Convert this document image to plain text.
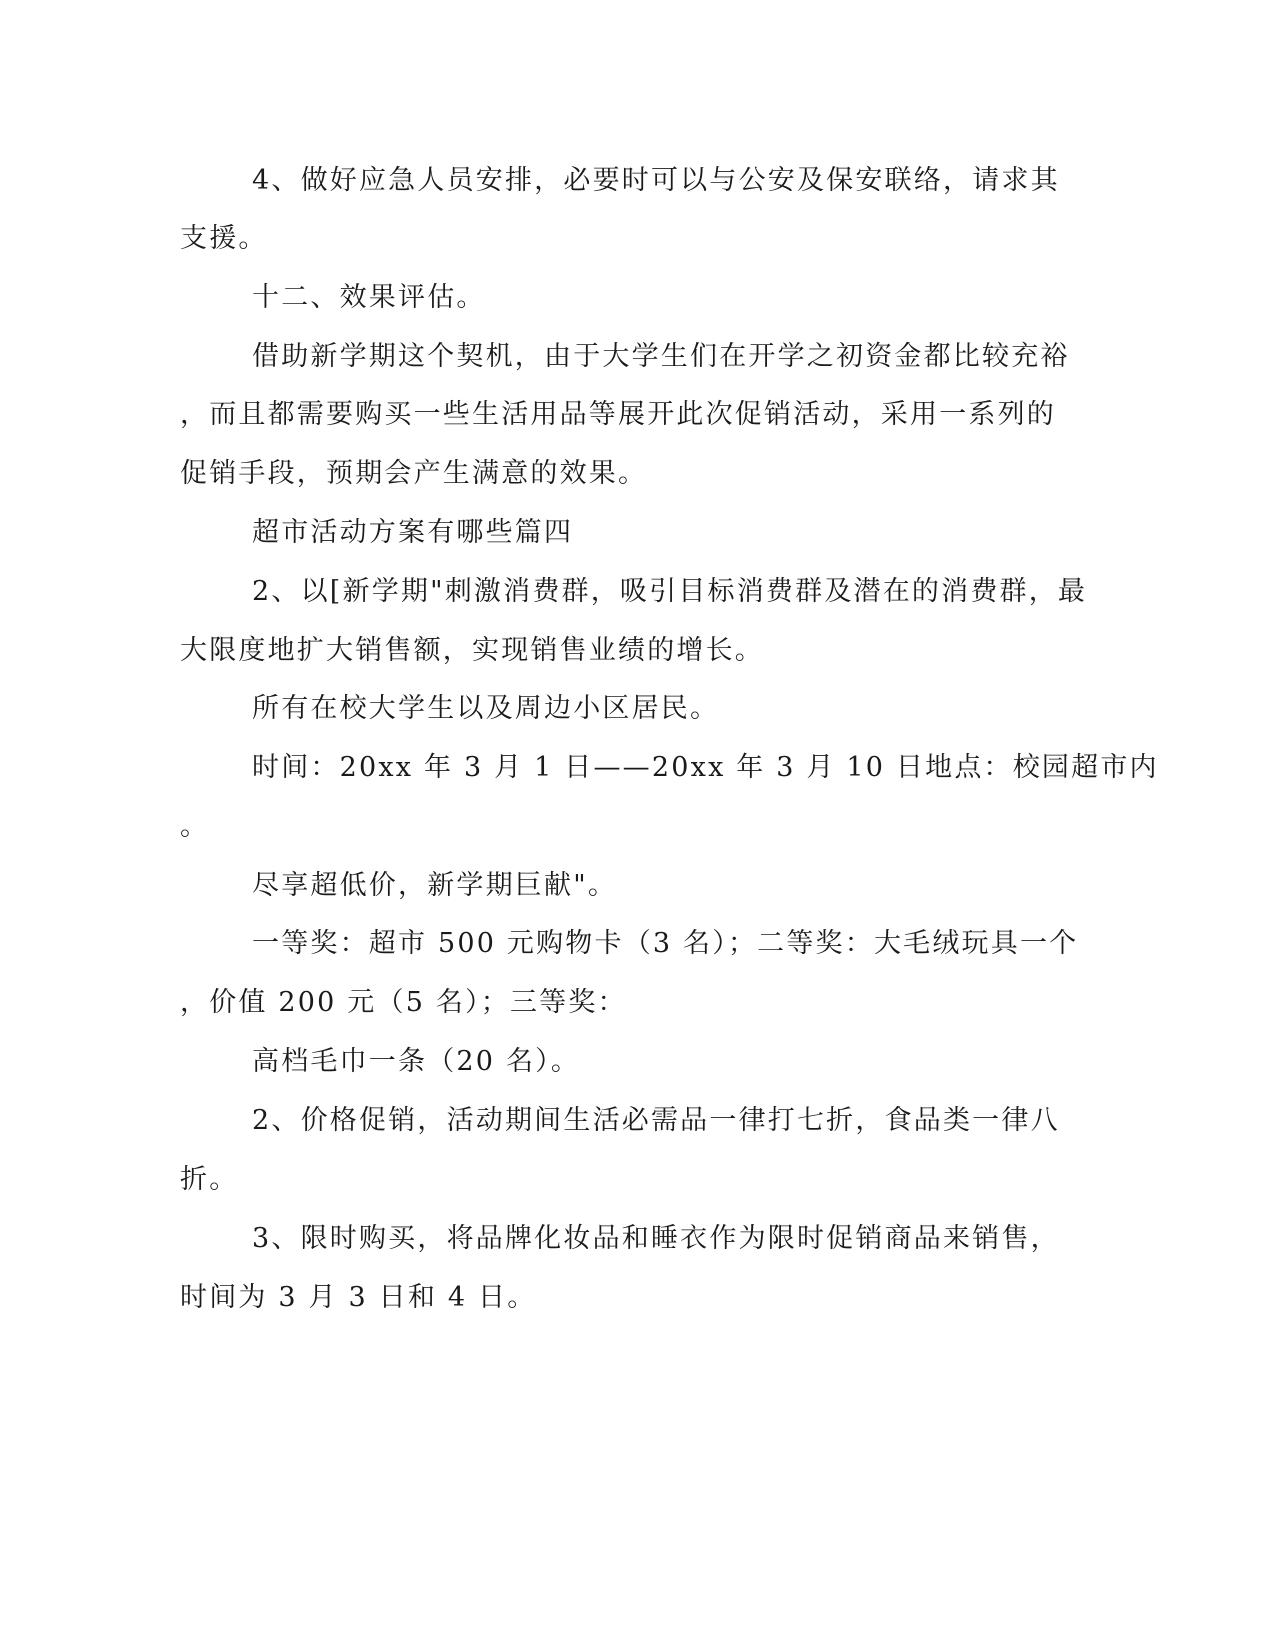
4、做好应急人员安排，必要时可以与公安及保安联络，请求其
支援。
十二、效果评估。
借助新学期这个契机，由于大学生们在开学之初资金都比较充裕
，而且都需要购买一些生活用品等展开此次促销活动，采用一系列的
促销手段，预期会产生满意的效果。
超市活动方案有哪些篇四
2、以[新学期"刺激消费群，吸引目标消费群及潜在的消费群，最
大限度地扩大销售额，实现销售业绩的增长。
所有在校大学生以及周边小区居民。
时间：20xx 年 3 月 1 日——20xx 年 3 月 10 日地点：校园超市内
。
尽享超低价，新学期巨献"。
一等奖：超市 500 元购物卡（3 名）；二等奖：大毛绒玩具一个
，价值 200 元（5 名）；三等奖：
高档毛巾一条（20 名）。
2、价格促销，活动期间生活必需品一律打七折，食品类一律八
折。
3、限时购买，将品牌化妆品和睡衣作为限时促销商品来销售，
时间为 3 月 3 日和 4 日。
